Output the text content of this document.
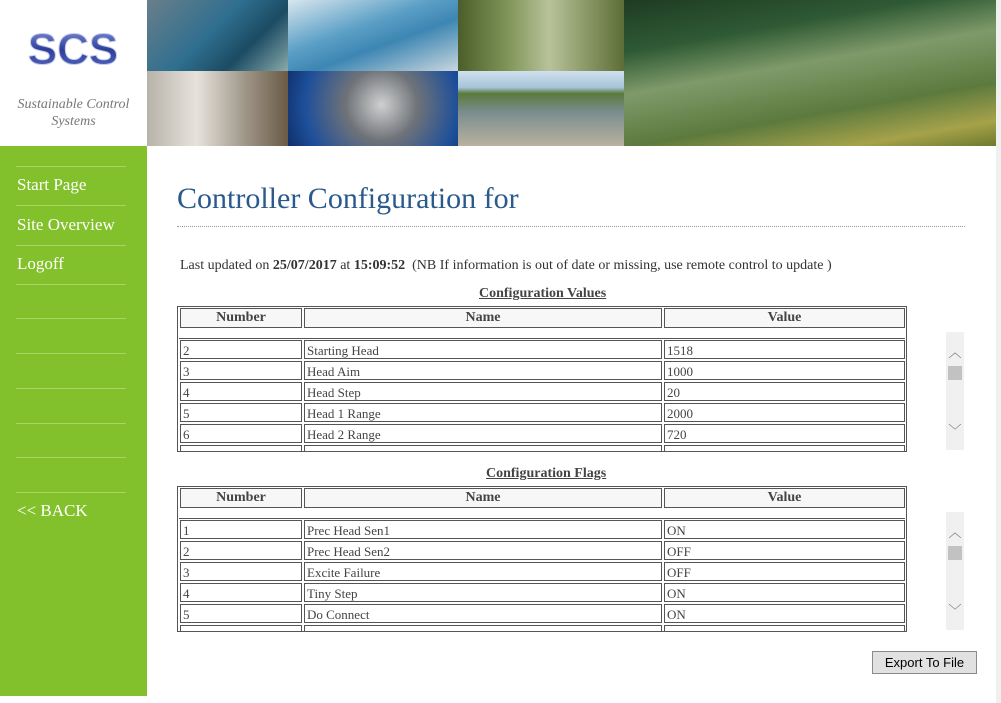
SCS
Sustainable Control Systems
Start Page
Site Overview
Logoff
<< BACK
Controller Configuration for
Last updated on 25/07/2017 at 15:09:52 (NB If information is out of date or missing, use remote control to update )
Configuration Values
Number	Name	Value
2	Starting Head	1518
3	Head Aim	1000
4	Head Step	20
5	Head 1 Range	2000
6	Head 2 Range	720
︿
﹀
Configuration Flags
Number	Name	Value
1	Prec Head Sen1	ON
2	Prec Head Sen2	OFF
3	Excite Failure	OFF
4	Tiny Step	ON
5	Do Connect	ON
︿
﹀
Export To File
